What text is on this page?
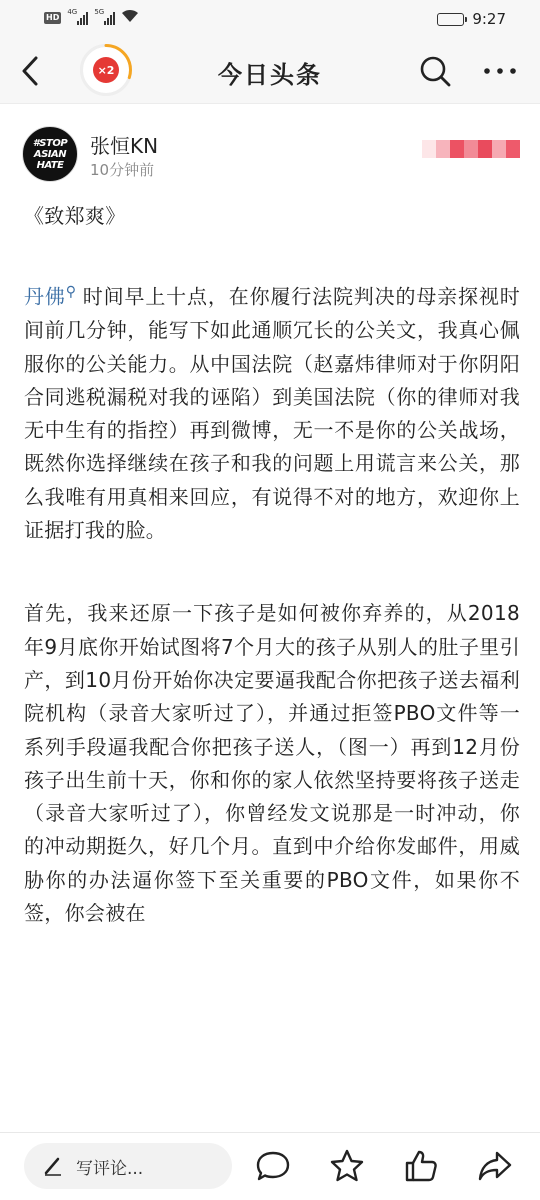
HD
4G 5G	9:27
×2	今日头条
#STOP
ASIAN
HATE
张恒KN
10分钟前

《致郑爽》

丹佛⚲ 时间早上十点，在你履行法院判决的母亲探视时间前几分钟，能写下如此通顺冗长的公关文，我真心佩服你的公关能力。从中国法院（赵嘉炜律师对于你阴阳合同逃税漏税对我的诬陷）到美国法院（你的律师对我无中生有的指控）再到微博，无一不是你的公关战场，既然你选择继续在孩子和我的问题上用谎言来公关，那么我唯有用真相来回应，有说得不对的地方，欢迎你上证据打我的脸。

首先，我来还原一下孩子是如何被你弃养的，从2018年9月底你开始试图将7个月大的孩子从别人的肚子里引产，到10月份开始你决定要逼我配合你把孩子送去福利院机构（录音大家听过了），并通过拒签PBO文件等一系列手段逼我配合你把孩子送人，（图一）再到12月份孩子出生前十天，你和你的家人依然坚持要将孩子送走（录音大家听过了），你曾经发文说那是一时冲动，你的冲动期挺久，好几个月。直到中介给你发邮件，用威胁你的办法逼你签下至关重要的PBO文件，如果你不签，你会被在

写评论...
